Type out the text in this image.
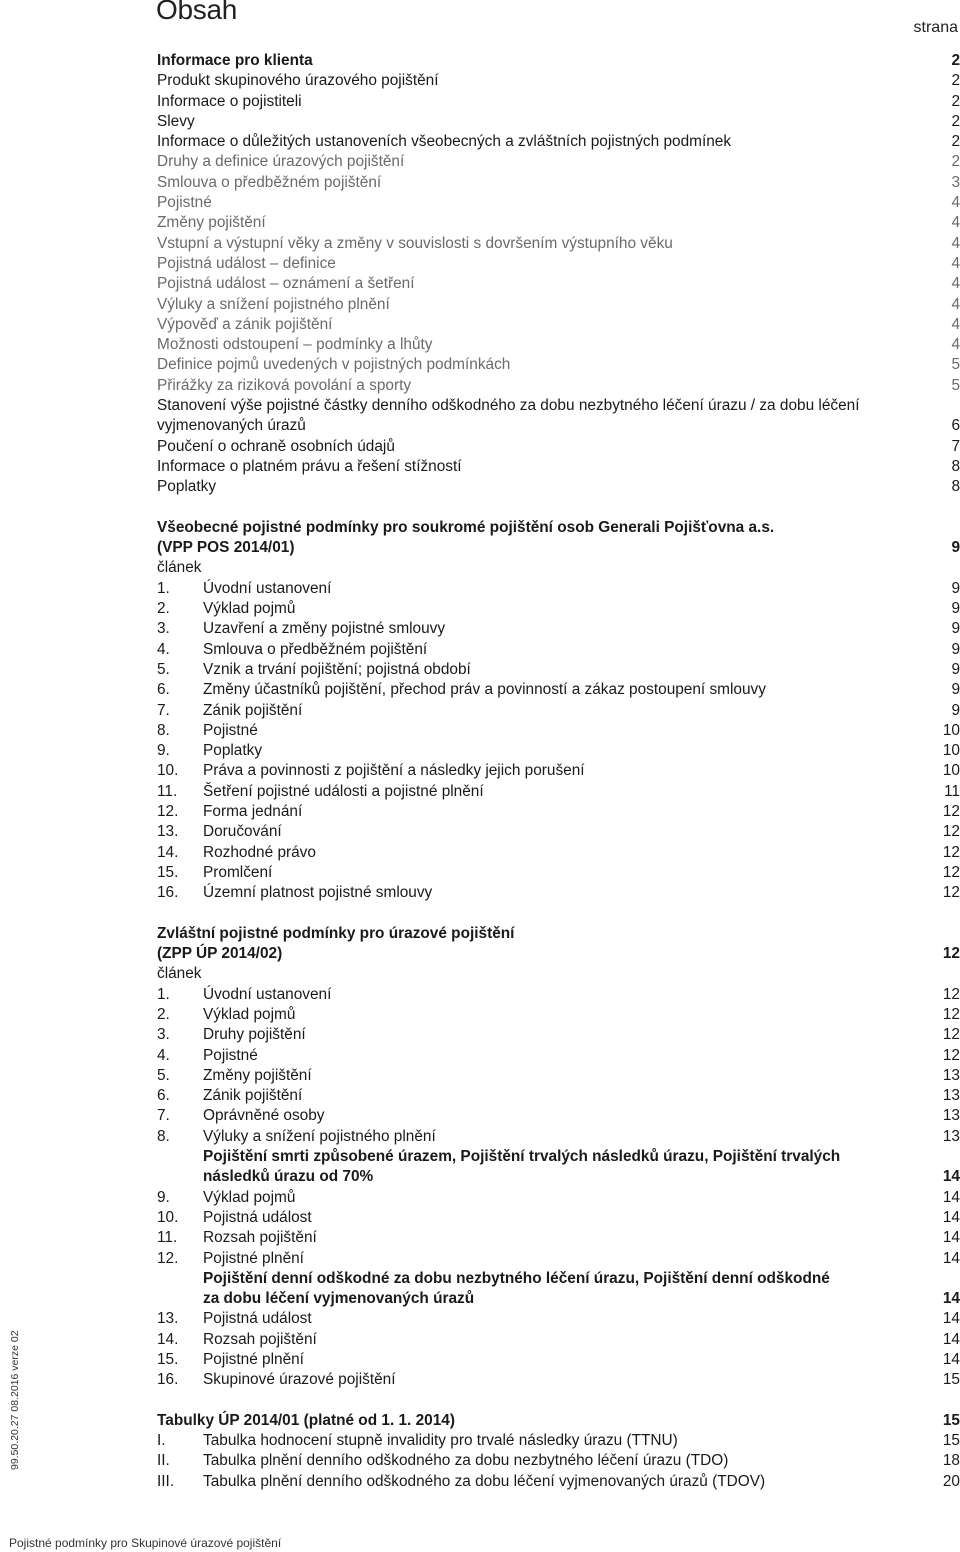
Obsah
strana
Informace pro klienta	2
Produkt skupinového úrazového pojištění	2
Informace o pojistiteli	2
Slevy	2
Informace o důležitých ustanoveních všeobecných a zvláštních pojistných podmínek	2
Druhy a definice úrazových pojištění	2
Smlouva o předběžném pojištění	3
Pojistné	4
Změny pojištění	4
Vstupní a výstupní věky a změny v souvislosti s dovršením výstupního věku	4
Pojistná událost – definice	4
Pojistná událost – oznámení a šetření	4
Výluky a snížení pojistného plnění	4
Výpověď a zánik pojištění	4
Možnosti odstoupení – podmínky a lhůty	4
Definice pojmů uvedených v pojistných podmínkách	5
Přirážky za riziková povolání a sporty	5
Stanovení výše pojistné částky denního odškodného za dobu nezbytného léčení úrazu / za dobu léčení
vyjmenovaných úrazů	6
Poučení o ochraně osobních údajů	7
Informace o platném právu a řešení stížností	8
Poplatky	8
Všeobecné pojistné podmínky pro soukromé pojištění osob Generali Pojišťovna a.s.
(VPP POS 2014/01)	9
článek
1. Úvodní ustanovení	9
2. Výklad pojmů	9
3. Uzavření a změny pojistné smlouvy	9
4. Smlouva o předběžném pojištění	9
5. Vznik a trvání pojištění; pojistná období	9
6. Změny účastníků pojištění, přechod práv a povinností a zákaz postoupení smlouvy	9
7. Zánik pojištění	9
8. Pojistné	10
9. Poplatky	10
10. Práva a povinnosti z pojištění a následky jejich porušení	10
11. Šetření pojistné události a pojistné plnění	11
12. Forma jednání	12
13. Doručování	12
14. Rozhodné právo	12
15. Promlčení	12
16. Územní platnost pojistné smlouvy	12
Zvláštní pojistné podmínky pro úrazové pojištění
(ZPP ÚP 2014/02)	12
článek
1. Úvodní ustanovení	12
2. Výklad pojmů	12
3. Druhy pojištění	12
4. Pojistné	12
5. Změny pojištění	13
6. Zánik pojištění	13
7. Oprávněné osoby	13
8. Výluky a snížení pojistného plnění	13
Pojištění smrti způsobené úrazem, Pojištění trvalých následků úrazu, Pojištění trvalých
následků úrazu od 70%	14
9. Výklad pojmů	14
10. Pojistná událost	14
11. Rozsah pojištění	14
12. Pojistné plnění	14
Pojištění denní odškodné za dobu nezbytného léčení úrazu, Pojištění denní odškodné
za dobu léčení vyjmenovaných úrazů	14
13. Pojistná událost	14
14. Rozsah pojištění	14
15. Pojistné plnění	14
16. Skupinové úrazové pojištění	15
Tabulky ÚP 2014/01 (platné od 1. 1. 2014)	15
I. Tabulka hodnocení stupně invalidity pro trvalé následky úrazu (TTNU)	15
II. Tabulka plnění denního odškodného za dobu nezbytného léčení úrazu (TDO)	18
III. Tabulka plnění denního odškodného za dobu léčení vyjmenovaných úrazů (TDOV)	20
99.50.20.27 08.2016 verze 02
Pojistné podmínky pro Skupinové úrazové pojištění
